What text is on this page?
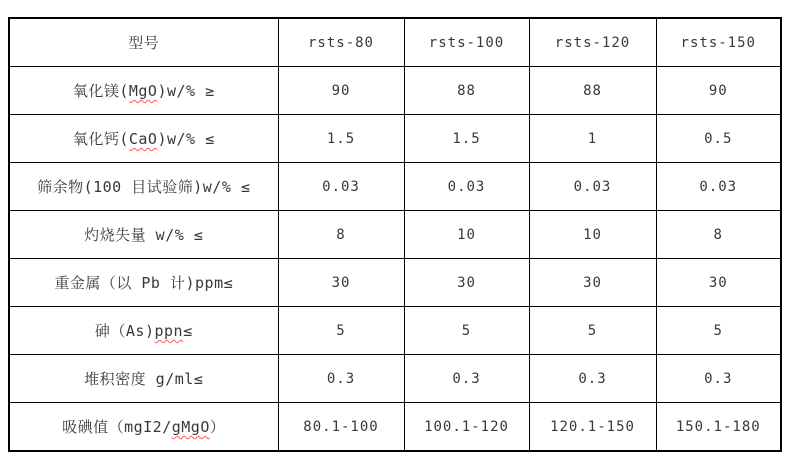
型号	rsts-80	rsts-100	rsts-120	rsts-150
氧化镁(MgO)w/% ≥	90	88	88	90
氧化钙(CaO)w/% ≤	1.5	1.5	1	0.5
筛余物(100 目试验筛)w/% ≤	0.03	0.03	0.03	0.03
灼烧失量 w/% ≤	8	10	10	8
重金属（以 Pb 计)ppm≤	30	30	30	30
砷（As)ppn≤	5	5	5	5
堆积密度 g/ml≤	0.3	0.3	0.3	0.3
吸碘值（mgI2/gMgO）	80.1-100	100.1-120	120.1-150	150.1-180
